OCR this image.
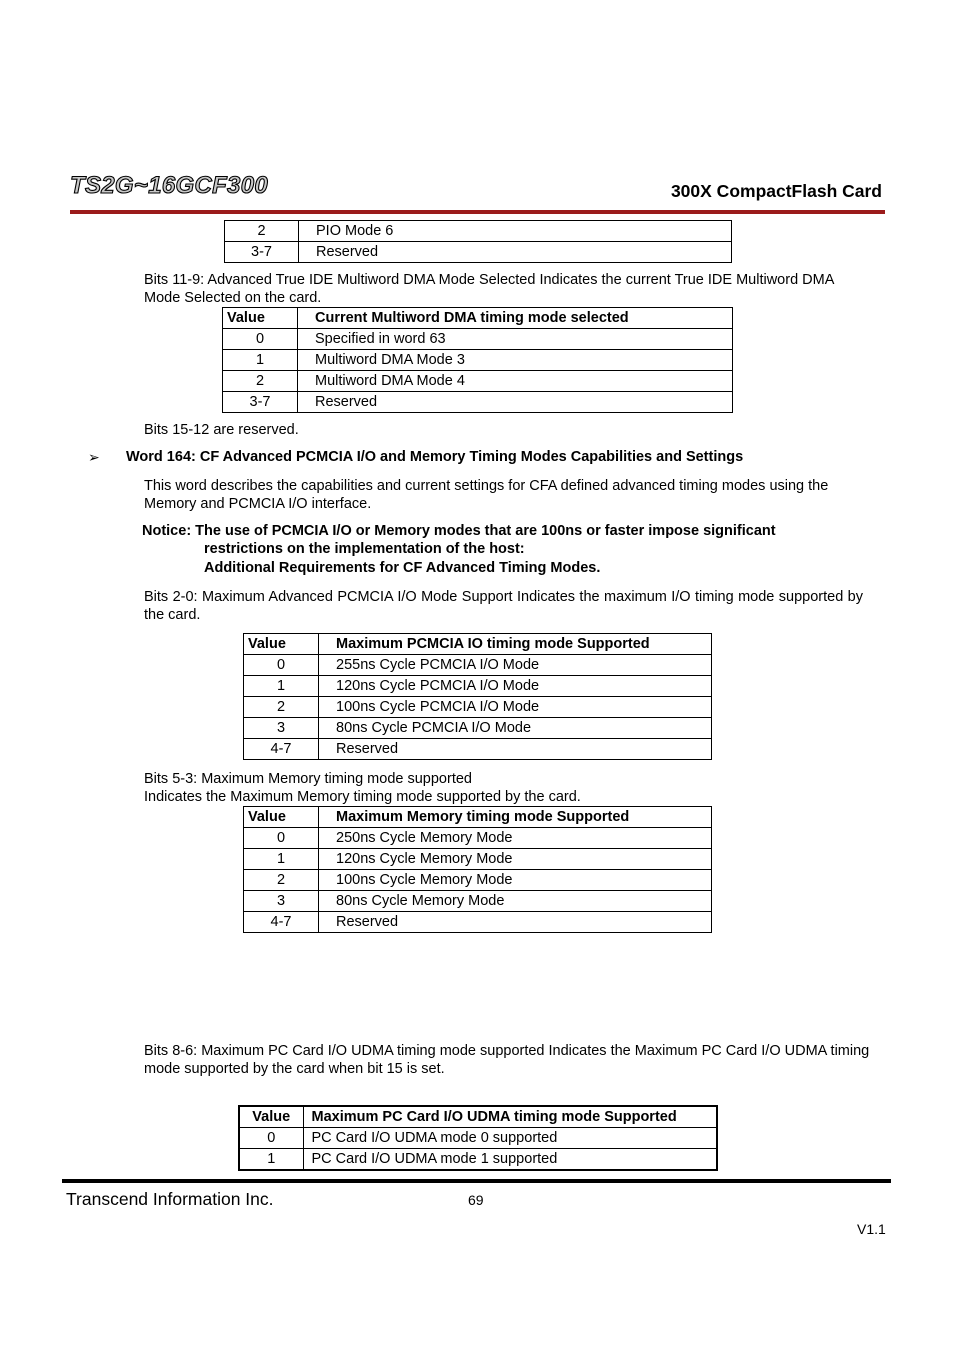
TS2G~16GCF300	300X CompactFlash Card
2	PIO Mode 6
3-7	Reserved
Bits 11-9: Advanced True IDE Multiword DMA Mode Selected Indicates the current True IDE Multiword DMA Mode Selected on the card.
Value	Current Multiword DMA timing mode selected
0	Specified in word 63
1	Multiword DMA Mode 3
2	Multiword DMA Mode 4
3-7	Reserved
Bits 15-12 are reserved.
➢ Word 164: CF Advanced PCMCIA I/O and Memory Timing Modes Capabilities and Settings
This word describes the capabilities and current settings for CFA defined advanced timing modes using the Memory and PCMCIA I/O interface.
Notice: The use of PCMCIA I/O or Memory modes that are 100ns or faster impose significant
restrictions on the implementation of the host:
Additional Requirements for CF Advanced Timing Modes.
Bits 2-0: Maximum Advanced PCMCIA I/O Mode Support Indicates the maximum I/O timing mode supported by the card.
Value	Maximum PCMCIA IO timing mode Supported
0	255ns Cycle PCMCIA I/O Mode
1	120ns Cycle PCMCIA I/O Mode
2	100ns Cycle PCMCIA I/O Mode
3	80ns Cycle PCMCIA I/O Mode
4-7	Reserved
Bits 5-3: Maximum Memory timing mode supported
Indicates the Maximum Memory timing mode supported by the card.
Value	Maximum Memory timing mode Supported
0	250ns Cycle Memory Mode
1	120ns Cycle Memory Mode
2	100ns Cycle Memory Mode
3	80ns Cycle Memory Mode
4-7	Reserved
Bits 8-6: Maximum PC Card I/O UDMA timing mode supported Indicates the Maximum PC Card I/O UDMA timing mode supported by the card when bit 15 is set.
Value	Maximum PC Card I/O UDMA timing mode Supported
0	PC Card I/O UDMA mode 0 supported
1	PC Card I/O UDMA mode 1 supported
Transcend Information Inc.	69
V1.1
